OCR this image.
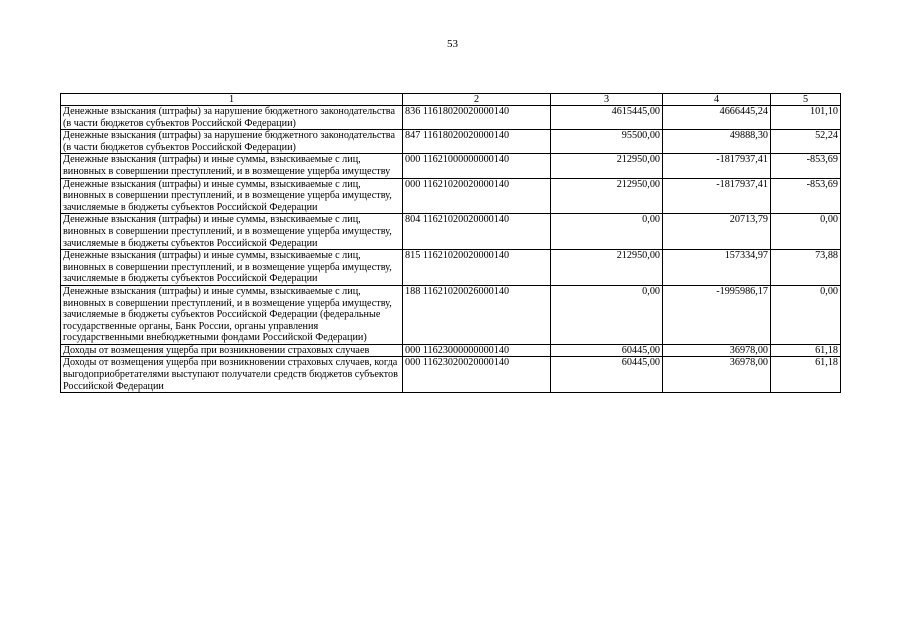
53
1	2	3	4	5
Денежные взыскания (штрафы) за нарушение бюджетного законодательства (в части бюджетов субъектов Российской Федерации)	836 11618020020000140	4615445,00	4666445,24	101,10
Денежные взыскания (штрафы) за нарушение бюджетного законодательства (в части бюджетов субъектов Российской Федерации)	847 11618020020000140	95500,00	49888,30	52,24
Денежные взыскания (штрафы) и иные суммы, взыскиваемые с лиц, виновных в совершении преступлений, и в возмещение ущерба имуществу	000 11621000000000140	212950,00	-1817937,41	-853,69
Денежные взыскания (штрафы) и иные суммы, взыскиваемые с лиц, виновных в совершении преступлений, и в возмещение ущерба имуществу, зачисляемые в бюджеты субъектов Российской Федерации	000 11621020020000140	212950,00	-1817937,41	-853,69
Денежные взыскания (штрафы) и иные суммы, взыскиваемые с лиц, виновных в совершении преступлений, и в возмещение ущерба имуществу, зачисляемые в бюджеты субъектов Российской Федерации	804 11621020020000140	0,00	20713,79	0,00
Денежные взыскания (штрафы) и иные суммы, взыскиваемые с лиц, виновных в совершении преступлений, и в возмещение ущерба имуществу, зачисляемые в бюджеты субъектов Российской Федерации	815 11621020020000140	212950,00	157334,97	73,88
Денежные взыскания (штрафы) и иные суммы, взыскиваемые с лиц, виновных в совершении преступлений, и в возмещение ущерба имуществу, зачисляемые в бюджеты субъектов Российской Федерации (федеральные государственные органы, Банк России, органы управления государственными внебюджетными фондами Российской Федерации)	188 11621020026000140	0,00	-1995986,17	0,00
Доходы от возмещения ущерба при возникновении страховых случаев	000 11623000000000140	60445,00	36978,00	61,18
Доходы от возмещения ущерба при возникновении страховых случаев, когда выгодоприобретателями выступают получатели средств бюджетов субъектов Российской Федерации	000 11623020020000140	60445,00	36978,00	61,18
